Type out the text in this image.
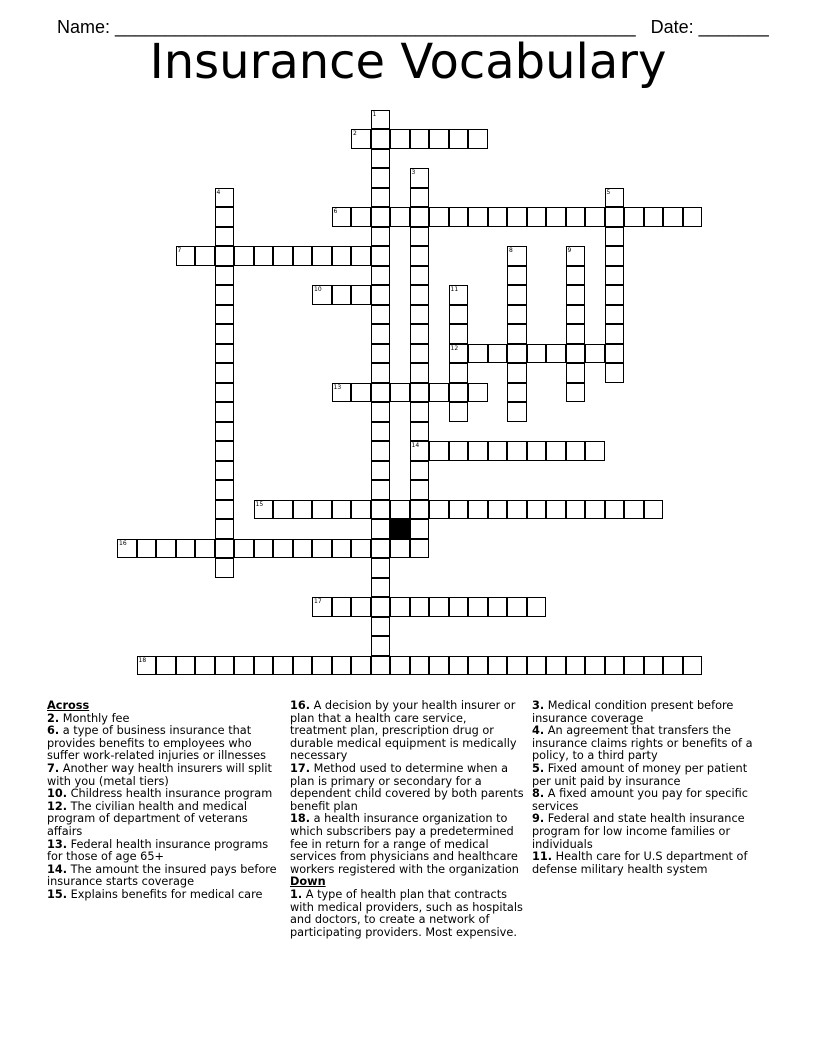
Name: ____________________________________________________ Date: _______

Insurance Vocabulary
2
6
7
10
12
13
14
15
16
17
18
1
3
4	5
8	9
11

Across

2. Monthly fee

6. a type of business insurance that provides benefits to employees who suffer work-related injuries or illnesses

7. Another way health insurers will split with you (metal tiers)

10. Childress health insurance program

12. The civilian health and medical program of department of veterans affairs

13. Federal health insurance programs for those of age 65+

14. The amount the insured pays before insurance starts coverage

15. Explains benefits for medical care

16. A decision by your health insurer or plan that a health care service, treatment plan, prescription drug or durable medical equipment is medically necessary

17. Method used to determine when a plan is primary or secondary for a dependent child covered by both parents benefit plan

18. a health insurance organization to which subscribers pay a predetermined fee in return for a range of medical services from physicians and healthcare workers registered with the organization

Down

1. A type of health plan that contracts with medical providers, such as hospitals and doctors, to create a network of participating providers. Most expensive.

3. Medical condition present before insurance coverage

4. An agreement that transfers the insurance claims rights or benefits of a policy, to a third party

5. Fixed amount of money per patient per unit paid by insurance

8. A fixed amount you pay for specific services

9. Federal and state health insurance program for low income families or individuals

11. Health care for U.S department of defense military health system
